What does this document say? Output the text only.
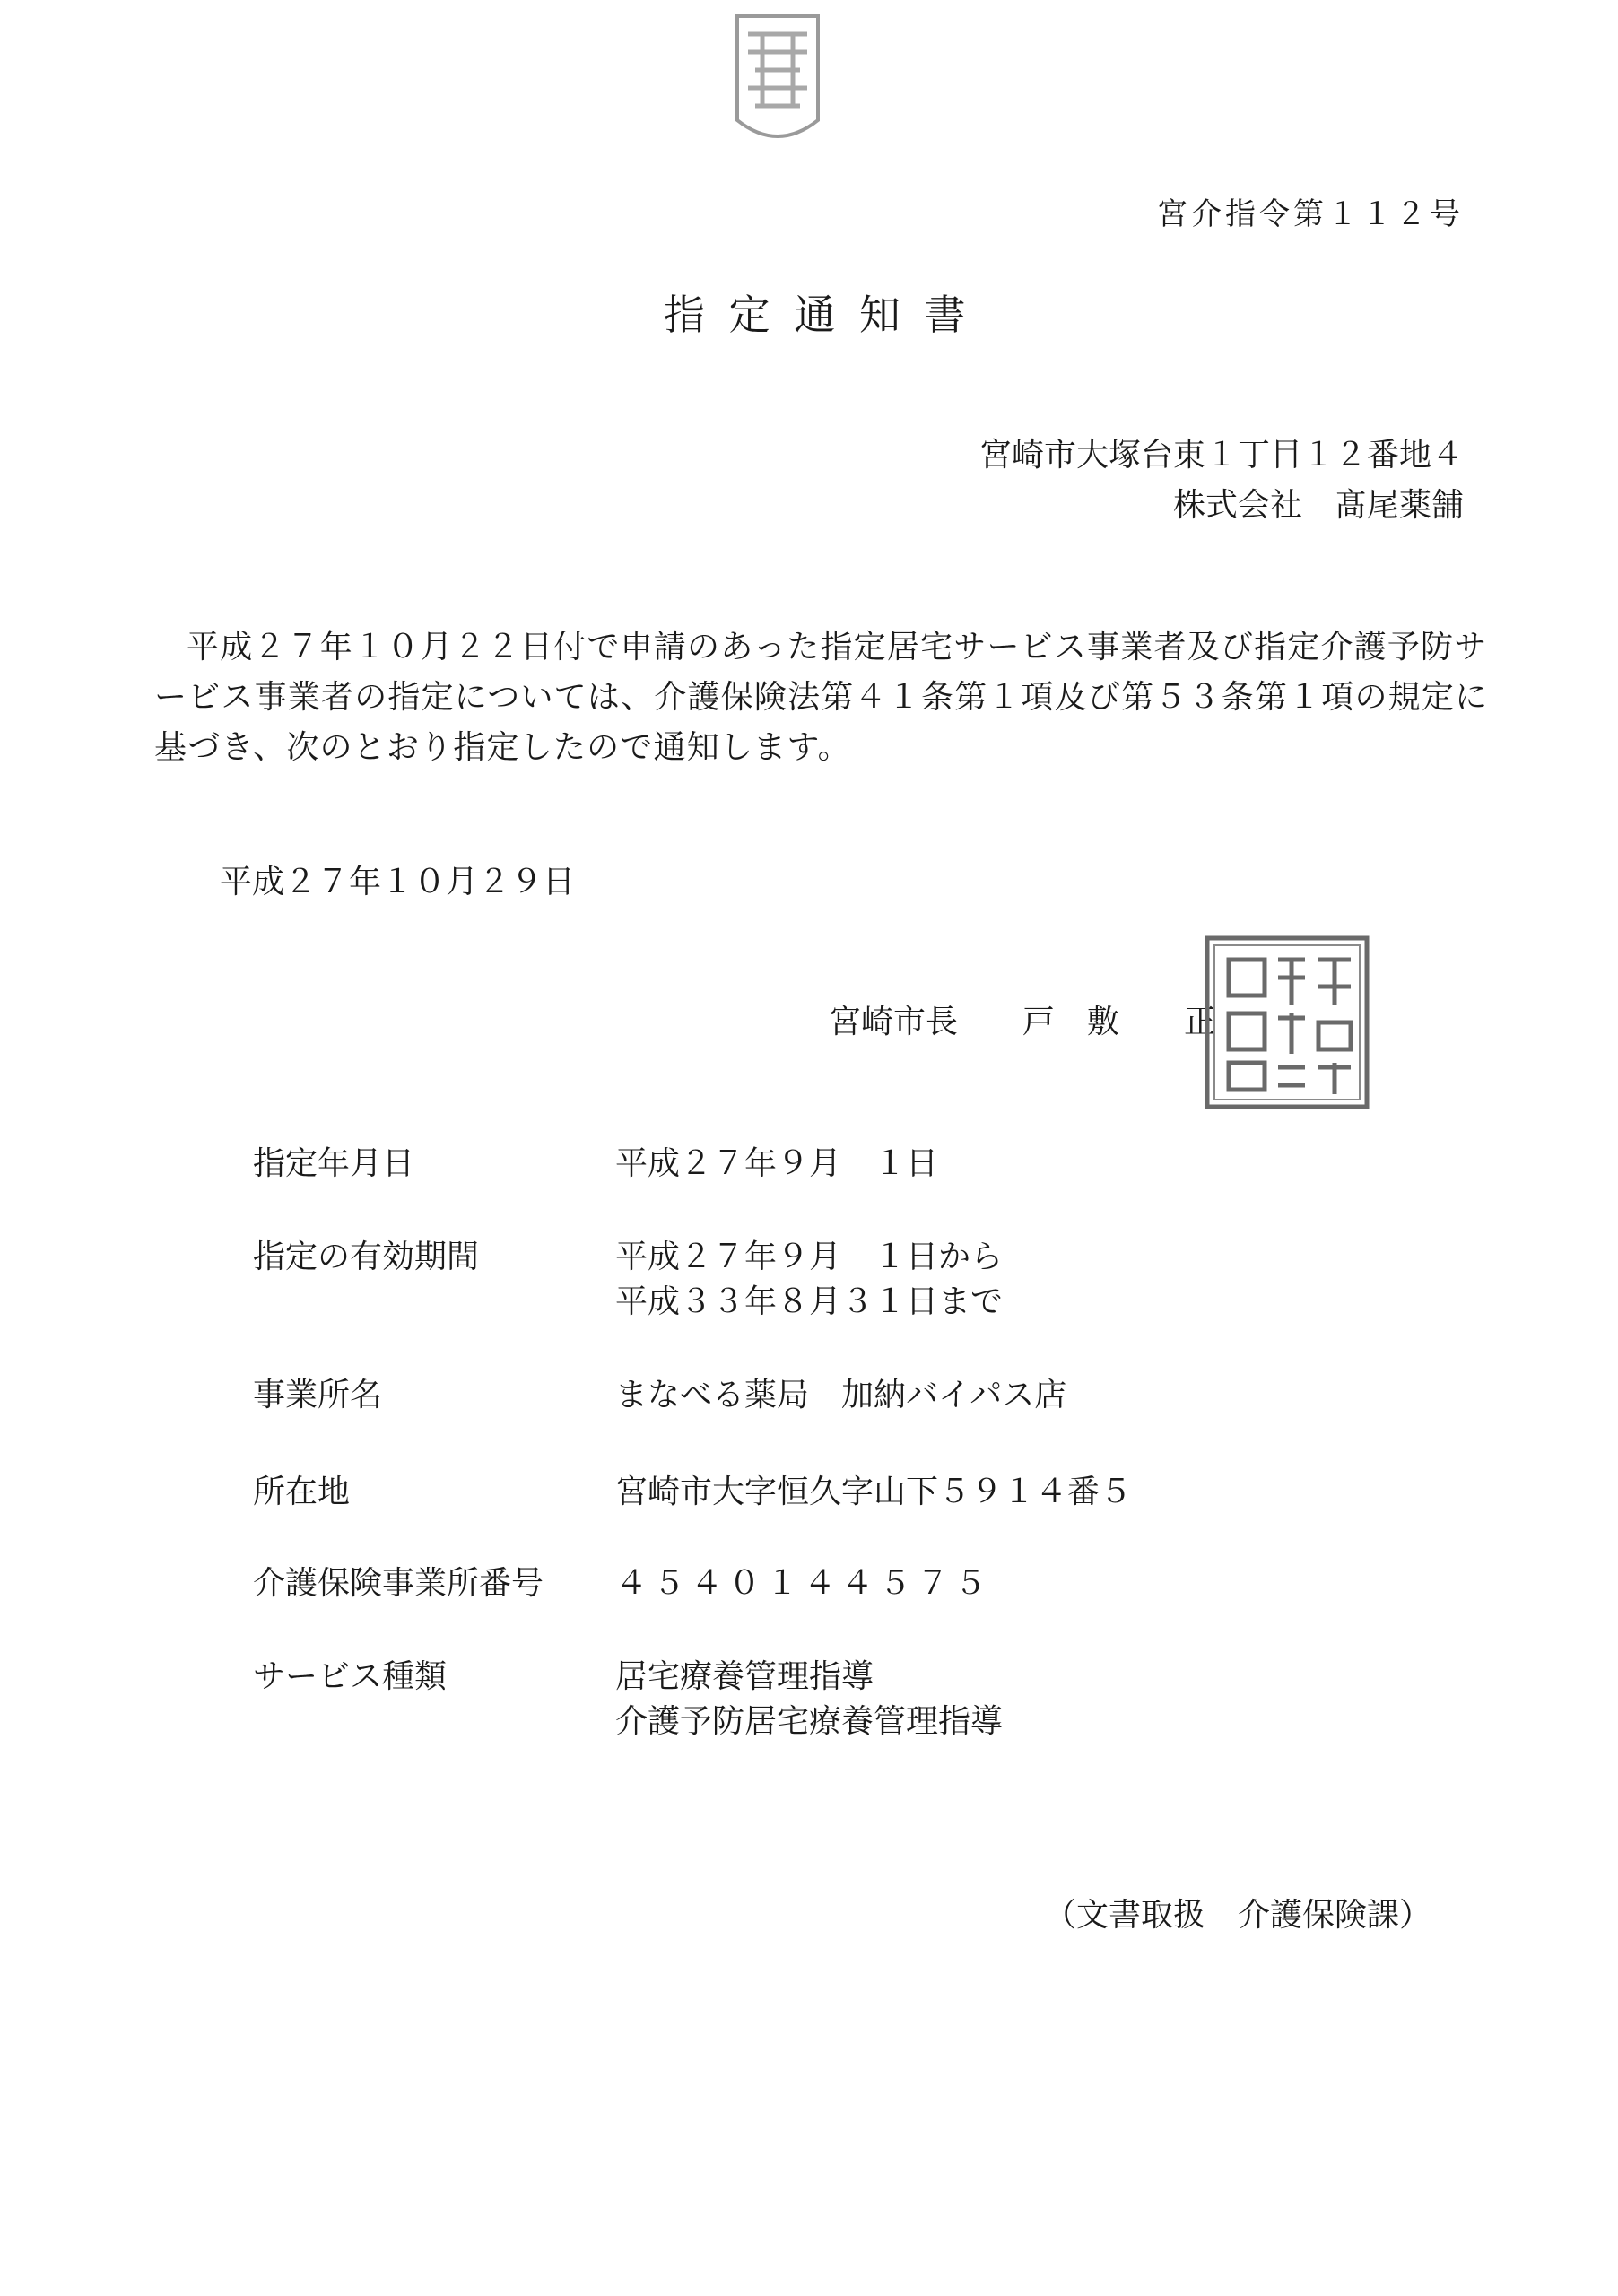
宮介指令第１１２号
指 定 通 知 書
宮崎市大塚台東１丁目１２番地４
株式会社　髙尾薬舗
平成２７年１０月２２日付で申請のあった指定居宅サービス事業者及び指定介護予防サ
ービス事業者の指定については、介護保険法第４１条第１項及び第５３条第１項の規定に
基づき、次のとおり指定したので通知します。
平成２７年１０月２９日
宮崎市長　　戸　敷　　正
指定年月日	平成２７年９月　１日
指定の有効期間	平成２７年９月　１日から
平成３３年８月３１日まで
事業所名	まなべる薬局　加納バイパス店
所在地	宮崎市大字恒久字山下５９１４番５
介護保険事業所番号 ４５４０１４４５７５
サービス種類	居宅療養管理指導
介護予防居宅療養管理指導
（文書取扱　介護保険課）
